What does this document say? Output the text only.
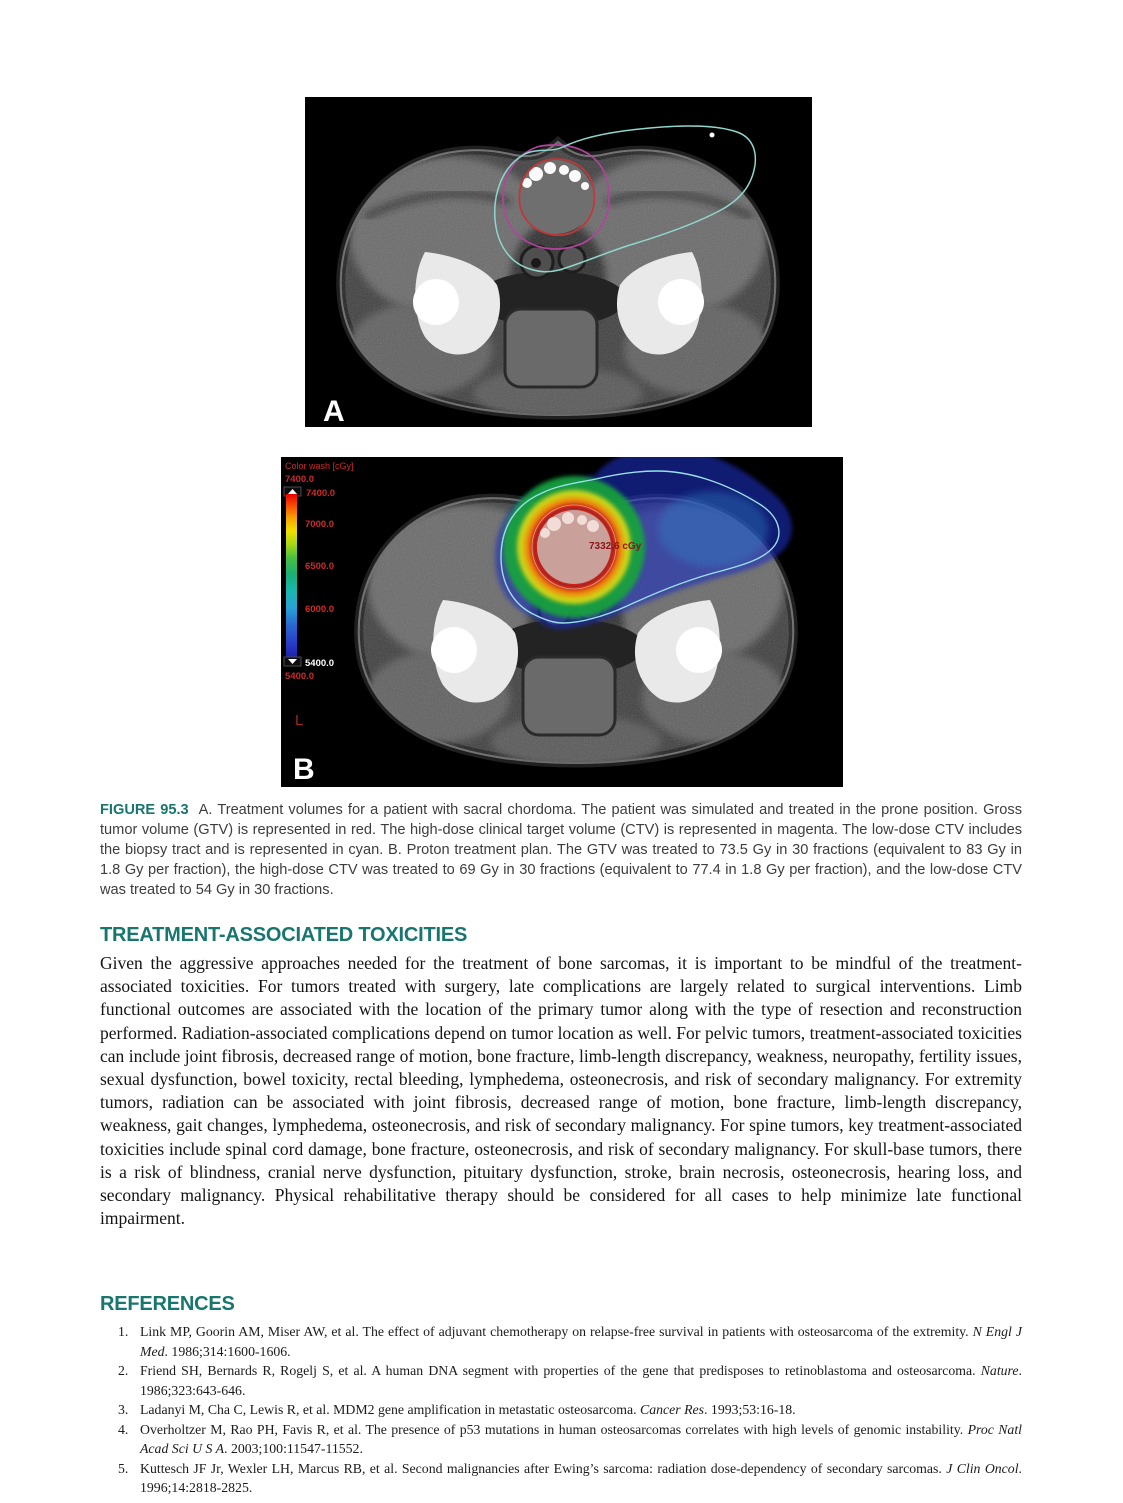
A
7332.6 cGy
Color wash [cGy]
7400.0
7400.0
7000.0
6500.0
6000.0
5400.0
5400.0
L
B

FIGURE 95.3 A. Treatment volumes for a patient with sacral chordoma. The patient was simulated and treated in the prone position. Gross tumor volume (GTV) is represented in red. The high-dose clinical target volume (CTV) is represented in magenta. The low-dose CTV includes the biopsy tract and is represented in cyan. B. Proton treatment plan. The GTV was treated to 73.5 Gy in 30 fractions (equivalent to 83 Gy in 1.8 Gy per fraction), the high-dose CTV was treated to 69 Gy in 30 fractions (equivalent to 77.4 in 1.8 Gy per fraction), and the low-dose CTV was treated to 54 Gy in 30 fractions.

TREATMENT-ASSOCIATED TOXICITIES

Given the aggressive approaches needed for the treatment of bone sarcomas, it is important to be mindful of the treatment-associated toxicities. For tumors treated with surgery, late complications are largely related to surgical interventions. Limb functional outcomes are associated with the location of the primary tumor along with the type of resection and reconstruction performed. Radiation-associated complications depend on tumor location as well. For pelvic tumors, treatment-associated toxicities can include joint fibrosis, decreased range of motion, bone fracture, limb-length discrepancy, weakness, neuropathy, fertility issues, sexual dysfunction, bowel toxicity, rectal bleeding, lymphedema, osteonecrosis, and risk of secondary malignancy. For extremity tumors, radiation can be associated with joint fibrosis, decreased range of motion, bone fracture, limb-length discrepancy, weakness, gait changes, lymphedema, osteonecrosis, and risk of secondary malignancy. For spine tumors, key treatment-associated toxicities include spinal cord damage, bone fracture, osteonecrosis, and risk of secondary malignancy. For skull-base tumors, there is a risk of blindness, cranial nerve dysfunction, pituitary dysfunction, stroke, brain necrosis, osteonecrosis, hearing loss, and secondary malignancy. Physical rehabilitative therapy should be considered for all cases to help minimize late functional impairment.

REFERENCES
1. Link MP, Goorin AM, Miser AW, et al. The effect of adjuvant chemotherapy on relapse-free survival in patients with osteosarcoma of the extremity. N Engl J Med. 1986;314:1600-1606.
2. Friend SH, Bernards R, Rogelj S, et al. A human DNA segment with properties of the gene that predisposes to retinoblastoma and osteosarcoma. Nature. 1986;323:643-646.
3. Ladanyi M, Cha C, Lewis R, et al. MDM2 gene amplification in metastatic osteosarcoma. Cancer Res. 1993;53:16-18.
4. Overholtzer M, Rao PH, Favis R, et al. The presence of p53 mutations in human osteosarcomas correlates with high levels of genomic instability. Proc Natl Acad Sci U S A. 2003;100:11547-11552.
5. Kuttesch JF Jr, Wexler LH, Marcus RB, et al. Second malignancies after Ewing’s sarcoma: radiation dose-dependency of secondary sarcomas. J Clin Oncol. 1996;14:2818-2825.
